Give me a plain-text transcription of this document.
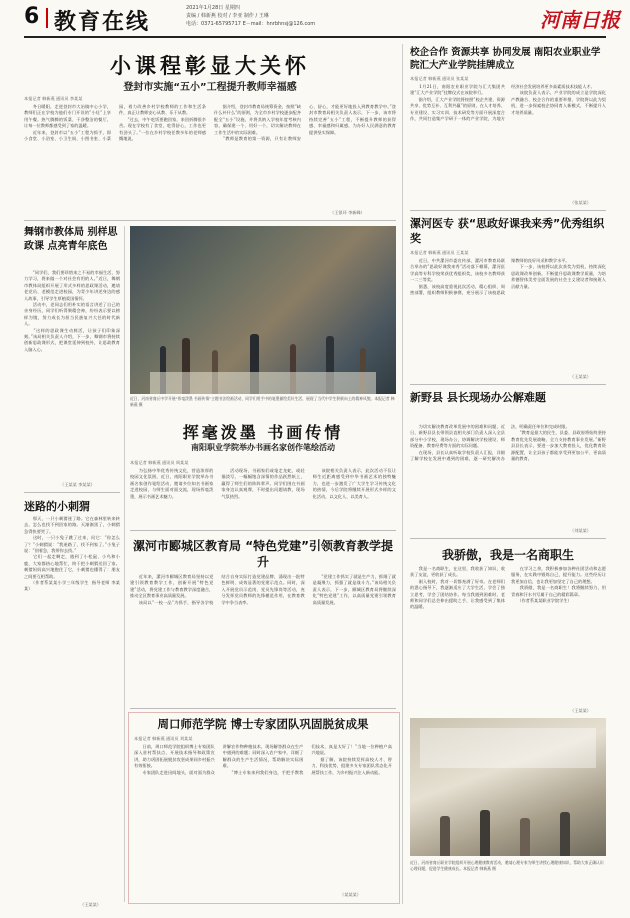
6 教育在线
2021年1月28日 星期四
责编 / 韩新燕 校对 / 李亚 制作 / 王琳
电话：0371-65795717 E－mail：hnrbhnsj@126.com	河南日报
小课程彰显大关怀
登封市实施“五小”工程提升教师幸福感
本报记者 韩新燕 通讯员 李某某
　　冬日暖阳，走进登封市大冶镇中心小学，教师们正在学校为他们专门开设的“小灶”上享用午餐。热气腾腾的饭菜、干净整洁的餐厅，让每一位教师都感受到了家的温暖。
　　近年来，登封市以“五小”工程为抓手，即小食堂、小浴室、小卫生间、小图书室、小菜园，着力改善乡村学校教师的工作和生活条件，真正让教师安心从教、乐于从教。
　　“过去，中午吃饭要跑回家，来回折腾很辛苦。现在学校有了食堂，吃得舒心，工作也更有劲头了。”一位在乡村学校任教多年的老师感慨地说。
　　据介绍，登封市教育局统筹资金，按照“缺什么补什么”的原则，为全市乡村学校逐步配齐配全“五小”设施，并将其纳入学校年度考核内容，确保建一个、用好一个，切实解决教师在工作生活中的实际困难。
　　“教师是教育的第一资源，只有让教师安心、舒心，才能更好地投入到教育教学中。”登封市教育局相关负责人表示，下一步，该市将持续完善“五小”工程，不断提升教师的获得感、幸福感和归属感，为办好人民满意的教育提供坚实保障。
（王银环 李新峰）
舞钢市教体局 别样思政课 点亮青年底色
　　“同学们，我们要珍惜来之不易的幸福生活，努力学习，将来做一个对社会有用的人。”近日，舞钢市教体局组织开展了形式多样的思政课活动，邀请老党员、老模范走进校园，为青少年讲述身边的感人故事，引导学生厚植爱国情怀。
　　活动中，老同志们用朴实的语言讲述了自己的亲身经历，同学们听得聚精会神，纷纷表示要以榜样为镜，努力成长为担当民族复兴大任的时代新人。
　　“这样的思政课生动鲜活，让孩子们印象深刻。”该局相关负责人介绍，下一步，舞钢市将持续创新思政课形式，把课堂延伸到校外，让思政教育入脑入心。
（王某某 李某某）
近日，河南省商丘中学开展“挥毫泼墨 书画传情”主题书法绘画活动，同学们用手中的笔墨描绘美好生活，展现了当代中学生积极向上的精神风貌。本报记者 韩新燕 摄
挥毫泼墨 书画传情
南阳职业学院举办书画名家创作笔绘活动
本报记者 韩新燕 通讯员 周某某
　　为弘扬中华优秀传统文化，营造浓厚的校园文化氛围，近日，南阳职业学院举办书画名家创作笔绘活动，邀请多位知名书画家走进校园，与师生面对面交流，现场挥毫泼墨，展示书画艺术魅力。
　　活动现场，书画家们或笔走龙蛇，或轻描淡写，一幅幅饱含深情的作品跃然纸上，赢得了师生们的阵阵掌声。同学们围在书画家身边认真观摩，不时提出问题请教，现场气氛热烈。
　　该院相关负责人表示，此次活动不仅让师生近距离感受到中华书画艺术的独特魅力，也进一步激发了广大学生学习传统文化的热情，今后学院将继续开展形式多样的文化活动，以文化人、以美育人。
迷路的小刺猬
　　那天，一只小刺猬迷了路。它在森林里转来转去，怎么也找不到回家的路。天渐渐黑了，小刺猬急得快要哭了。
　　这时，一只小兔子跳了过来，问它：“你怎么了？”小刺猬说：“我迷路了，找不到家了。”小兔子说：“别着急，我带你去找。”
　　它们一起走啊走，遇到了小松鼠、小鸟和小鹿，大家都热心地帮忙，终于把小刺猬送回了家。刺猬妈妈高兴地抱住了它，小刺猬也懂得了：朋友之间要互相帮助。
　　（作者系某某小学三年级学生  指导老师 李某某）
（王某某）
漯河市郾城区教育局 “特色党建”引领教育教学提升
　　近年来，漯河市郾城区教育局坚持以党建引领教育教学工作，创新开展“特色党建”活动，将党建工作与教育教学深度融合，推动全区教育事业高质量发展。
　　该局以“一校一品”为抓手，指导各学校结合自身实际打造党建品牌，涌现出一批特色鲜明、成效显著的党建示范点。同时，深入开展党员示范岗、党员先锋岗等活动，充分发挥党员教师的先锋模范作用，在教育教学中争当表率。
　　“党建工作抓实了就是生产力，抓细了就是凝聚力，抓强了就是战斗力。”该局相关负责人表示，下一步，郾城区教育局将继续深化“特色党建”工作，以高质量党建引领教育高质量发展。
周口师范学院 博士专家团队巩固脱贫成果
本报记者 韩新燕 通讯员 刘某某
　　日前，周口师范学院组织博士专家团队深入驻村帮扶点，开展技术指导和政策宣讲，助力巩固拓展脱贫攻坚成果同乡村振兴有效衔接。
　　专家团队走进田间地头，面对面为群众讲解农作物种植技术，现场解答群众在生产中遇到的难题；同时深入农户家中，详细了解群众的生产生活情况，帮助解决实际困难。
　　“博士专家来到我们身边，手把手教我们技术，真是太好了！”当地一位种植户高兴地说。
　　据了解，该院持续发挥高校人才、智力、科技优势，组建多支专家团队常态化开展帮扶工作，为乡村振兴注入新动能。
（某某某）
校企合作 资源共享 协同发展 南阳农业职业学院汇大产业学院挂牌成立
本报记者 韩新燕 通讯员 张某某
　　1月21日，南阳农业职业学院与汇大集团共建“汇大产业学院”挂牌仪式在该院举行。
　　据介绍，汇大产业学院将按照“校企共建、资源共享、优势互补、互利共赢”的原则，在人才培养、专业建设、实习实训、技术研发等方面开展深度合作，共同打造集产学研于一体的产业学院，为地方经济社会发展培养更多高素质技术技能人才。
　　该院负责人表示，产业学院的成立是学院深化产教融合、校企合作的重要举措，学院将以此为契机，进一步探索校企协同育人新模式，不断提升人才培养质量。
（张某某）
漯河医专 获“思政好课我来秀”优秀组织奖
本报记者 韩新燕 通讯员 王某某
　　近日，中共漯河市委宣传部、漯河市教育局联合举办的“思政好课我来秀”活动落下帷幕，漯河医学高等专科学校荣获优秀组织奖，该校多名教师获一二三等奖。
　　据悉，该校高度重视此次活动，精心组织、周密部署，组织教师积极参赛，充分展示了该校思政课教师的良好风采和教学水平。
　　下一步，该校将以此次获奖为契机，持续深化思政课改革创新，不断提升思政课教学质量，为培养德智体美劳全面发展的社会主义建设者和接班人贡献力量。
（王某某）
新野县 县长现场办公解难题
　　为切实解决教育改革发展中的困难和问题，近日，新野县县长带领县直相关部门负责人深入全县部分中小学校，现场办公，协调解决学校建设、师资配备、教育经费等方面的实际问题。
　　在现场，县长认真听取学校负责人汇报，详细了解学校在发展中遇到的困难，逐一研究解决办法，明确责任单位和完成时限。
　　“教育是最大的民生，县委、县政府将始终坚持教育优先发展战略，全力支持教育事业发展。”新野县县长表示，要进一步加大教育投入，优化教育资源配置，让全县孩子都能享受到更加公平、更高质量的教育。
（刘某某）
我骄傲，我是一名商职生
　　我是一名商职生，在这里，我收获了知识，收获了友谊，更收获了成长。
　　刚入校时，我对一切都充满了好奇。在老师们的悉心指导下，我逐渐适应了大学生活，学会了独立思考，学会了团结协作。每当我遇到困难时，老师和同学们总会伸出援助之手，让我感受到了集体的温暖。
　　在学习之余，我积极参加各种社团活动和志愿服务，在实践中锻炼自己，提升能力。这些经历让我更加自信，也让我更加坚定了自己的理想。
　　我骄傲，我是一名商职生！我将继续努力，用青春和汗水书写属于自己的精彩篇章。
　　（作者系某某职业学院学生）
（王某某）
近日，河南省商丘职业学院组织开展心理健康教育活动，邀请心理专家为师生讲授心理健康知识，帮助大家正确认识心理问题，促进学生健康成长。本报记者 韩新燕 摄
